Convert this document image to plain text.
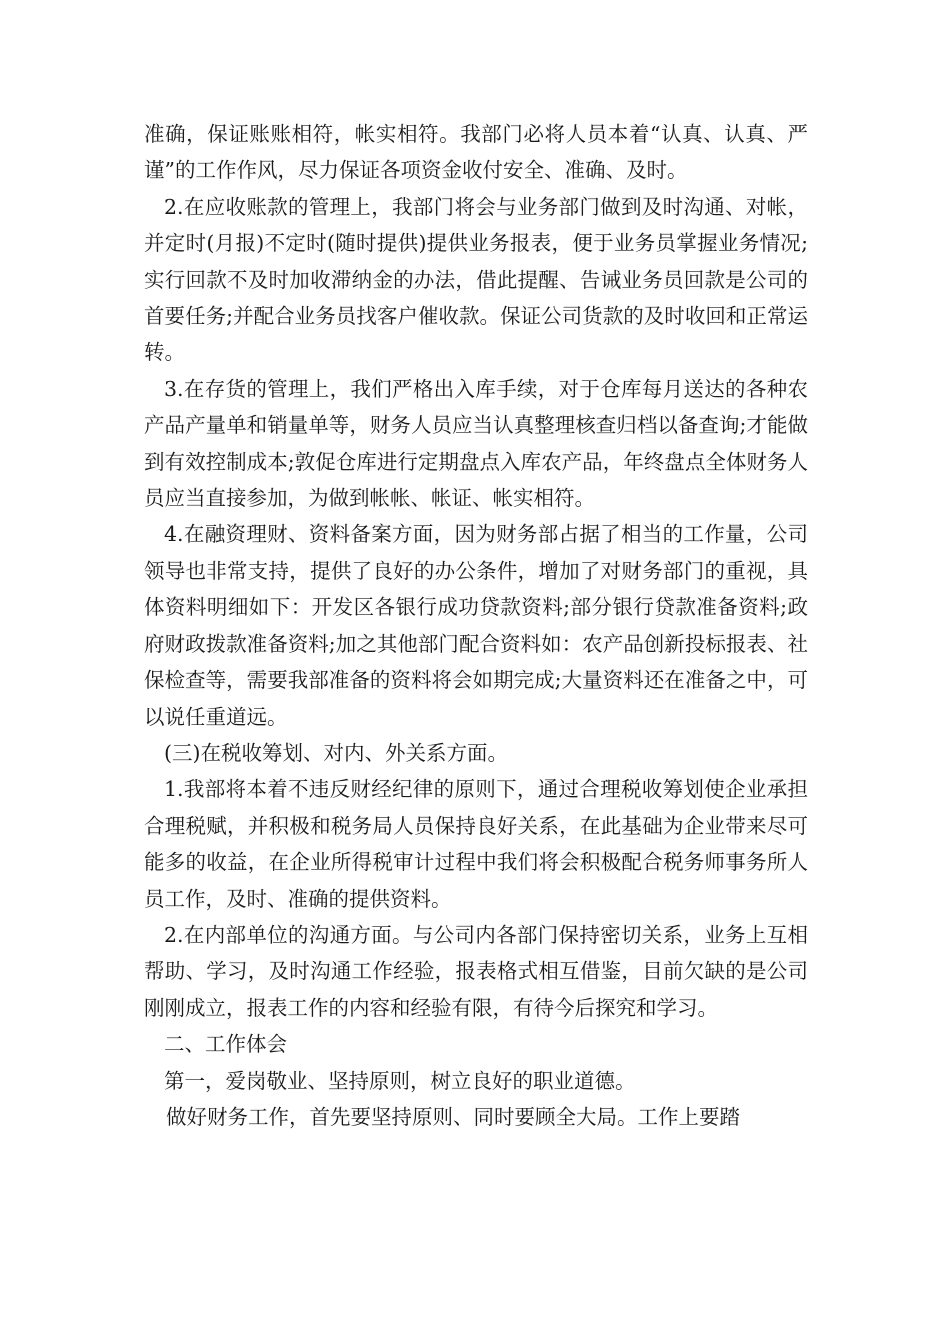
准确，保证账账相符，帐实相符。我部门必将人员本着“认真、认真、严谨”的工作作风，尽力保证各项资金收付安全、准确、及时。

2.在应收账款的管理上，我部门将会与业务部门做到及时沟通、对帐，并定时(月报)不定时(随时提供)提供业务报表，便于业务员掌握业务情况;实行回款不及时加收滞纳金的办法，借此提醒、告诫业务员回款是公司的首要任务;并配合业务员找客户催收款。保证公司货款的及时收回和正常运转。

3.在存货的管理上，我们严格出入库手续，对于仓库每月送达的各种农产品产量单和销量单等，财务人员应当认真整理核查归档以备查询;才能做到有效控制成本;敦促仓库进行定期盘点入库农产品，年终盘点全体财务人员应当直接参加，为做到帐帐、帐证、帐实相符。

4.在融资理财、资料备案方面，因为财务部占据了相当的工作量，公司领导也非常支持，提供了良好的办公条件，增加了对财务部门的重视，具体资料明细如下：开发区各银行成功贷款资料;部分银行贷款准备资料;政府财政拨款准备资料;加之其他部门配合资料如：农产品创新投标报表、社保检查等，需要我部准备的资料将会如期完成;大量资料还在准备之中，可以说任重道远。

(三)在税收筹划、对内、外关系方面。

1.我部将本着不违反财经纪律的原则下，通过合理税收筹划使企业承担合理税赋，并积极和税务局人员保持良好关系，在此基础为企业带来尽可能多的收益，在企业所得税审计过程中我们将会积极配合税务师事务所人员工作，及时、准确的提供资料。

2.在内部单位的沟通方面。与公司内各部门保持密切关系，业务上互相帮助、学习，及时沟通工作经验，报表格式相互借鉴，目前欠缺的是公司刚刚成立，报表工作的内容和经验有限，有待今后探究和学习。

二、工作体会

第一，爱岗敬业、坚持原则，树立良好的职业道德。

做好财务工作，首先要坚持原则、同时要顾全大局。工作上要踏
